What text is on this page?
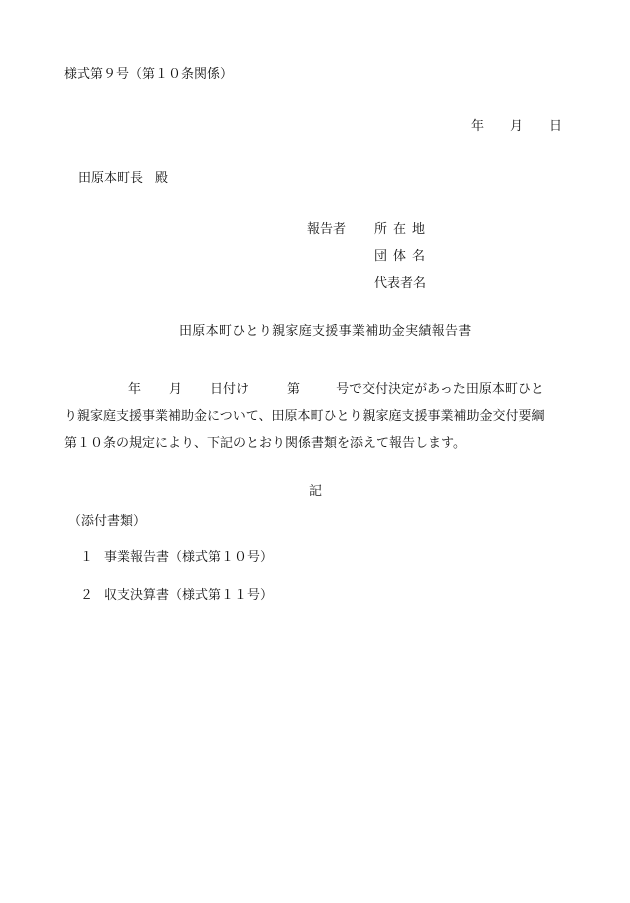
様式第９号（第１０条関係）
年 月 日
田原本町長 殿
報告者 所在地
団体名
代表者名
田原本町ひとり親家庭支援事業補助金実績報告書
年 月 日付け	第	号で交付決定があった田原本町ひと
り親家庭支援事業補助金について、田原本町ひとり親家庭支援事業補助金交付要綱
第１０条の規定により、下記のとおり関係書類を添えて報告します。
記
（添付書類）
１ 事業報告書（様式第１０号）
２ 収支決算書（様式第１１号）
